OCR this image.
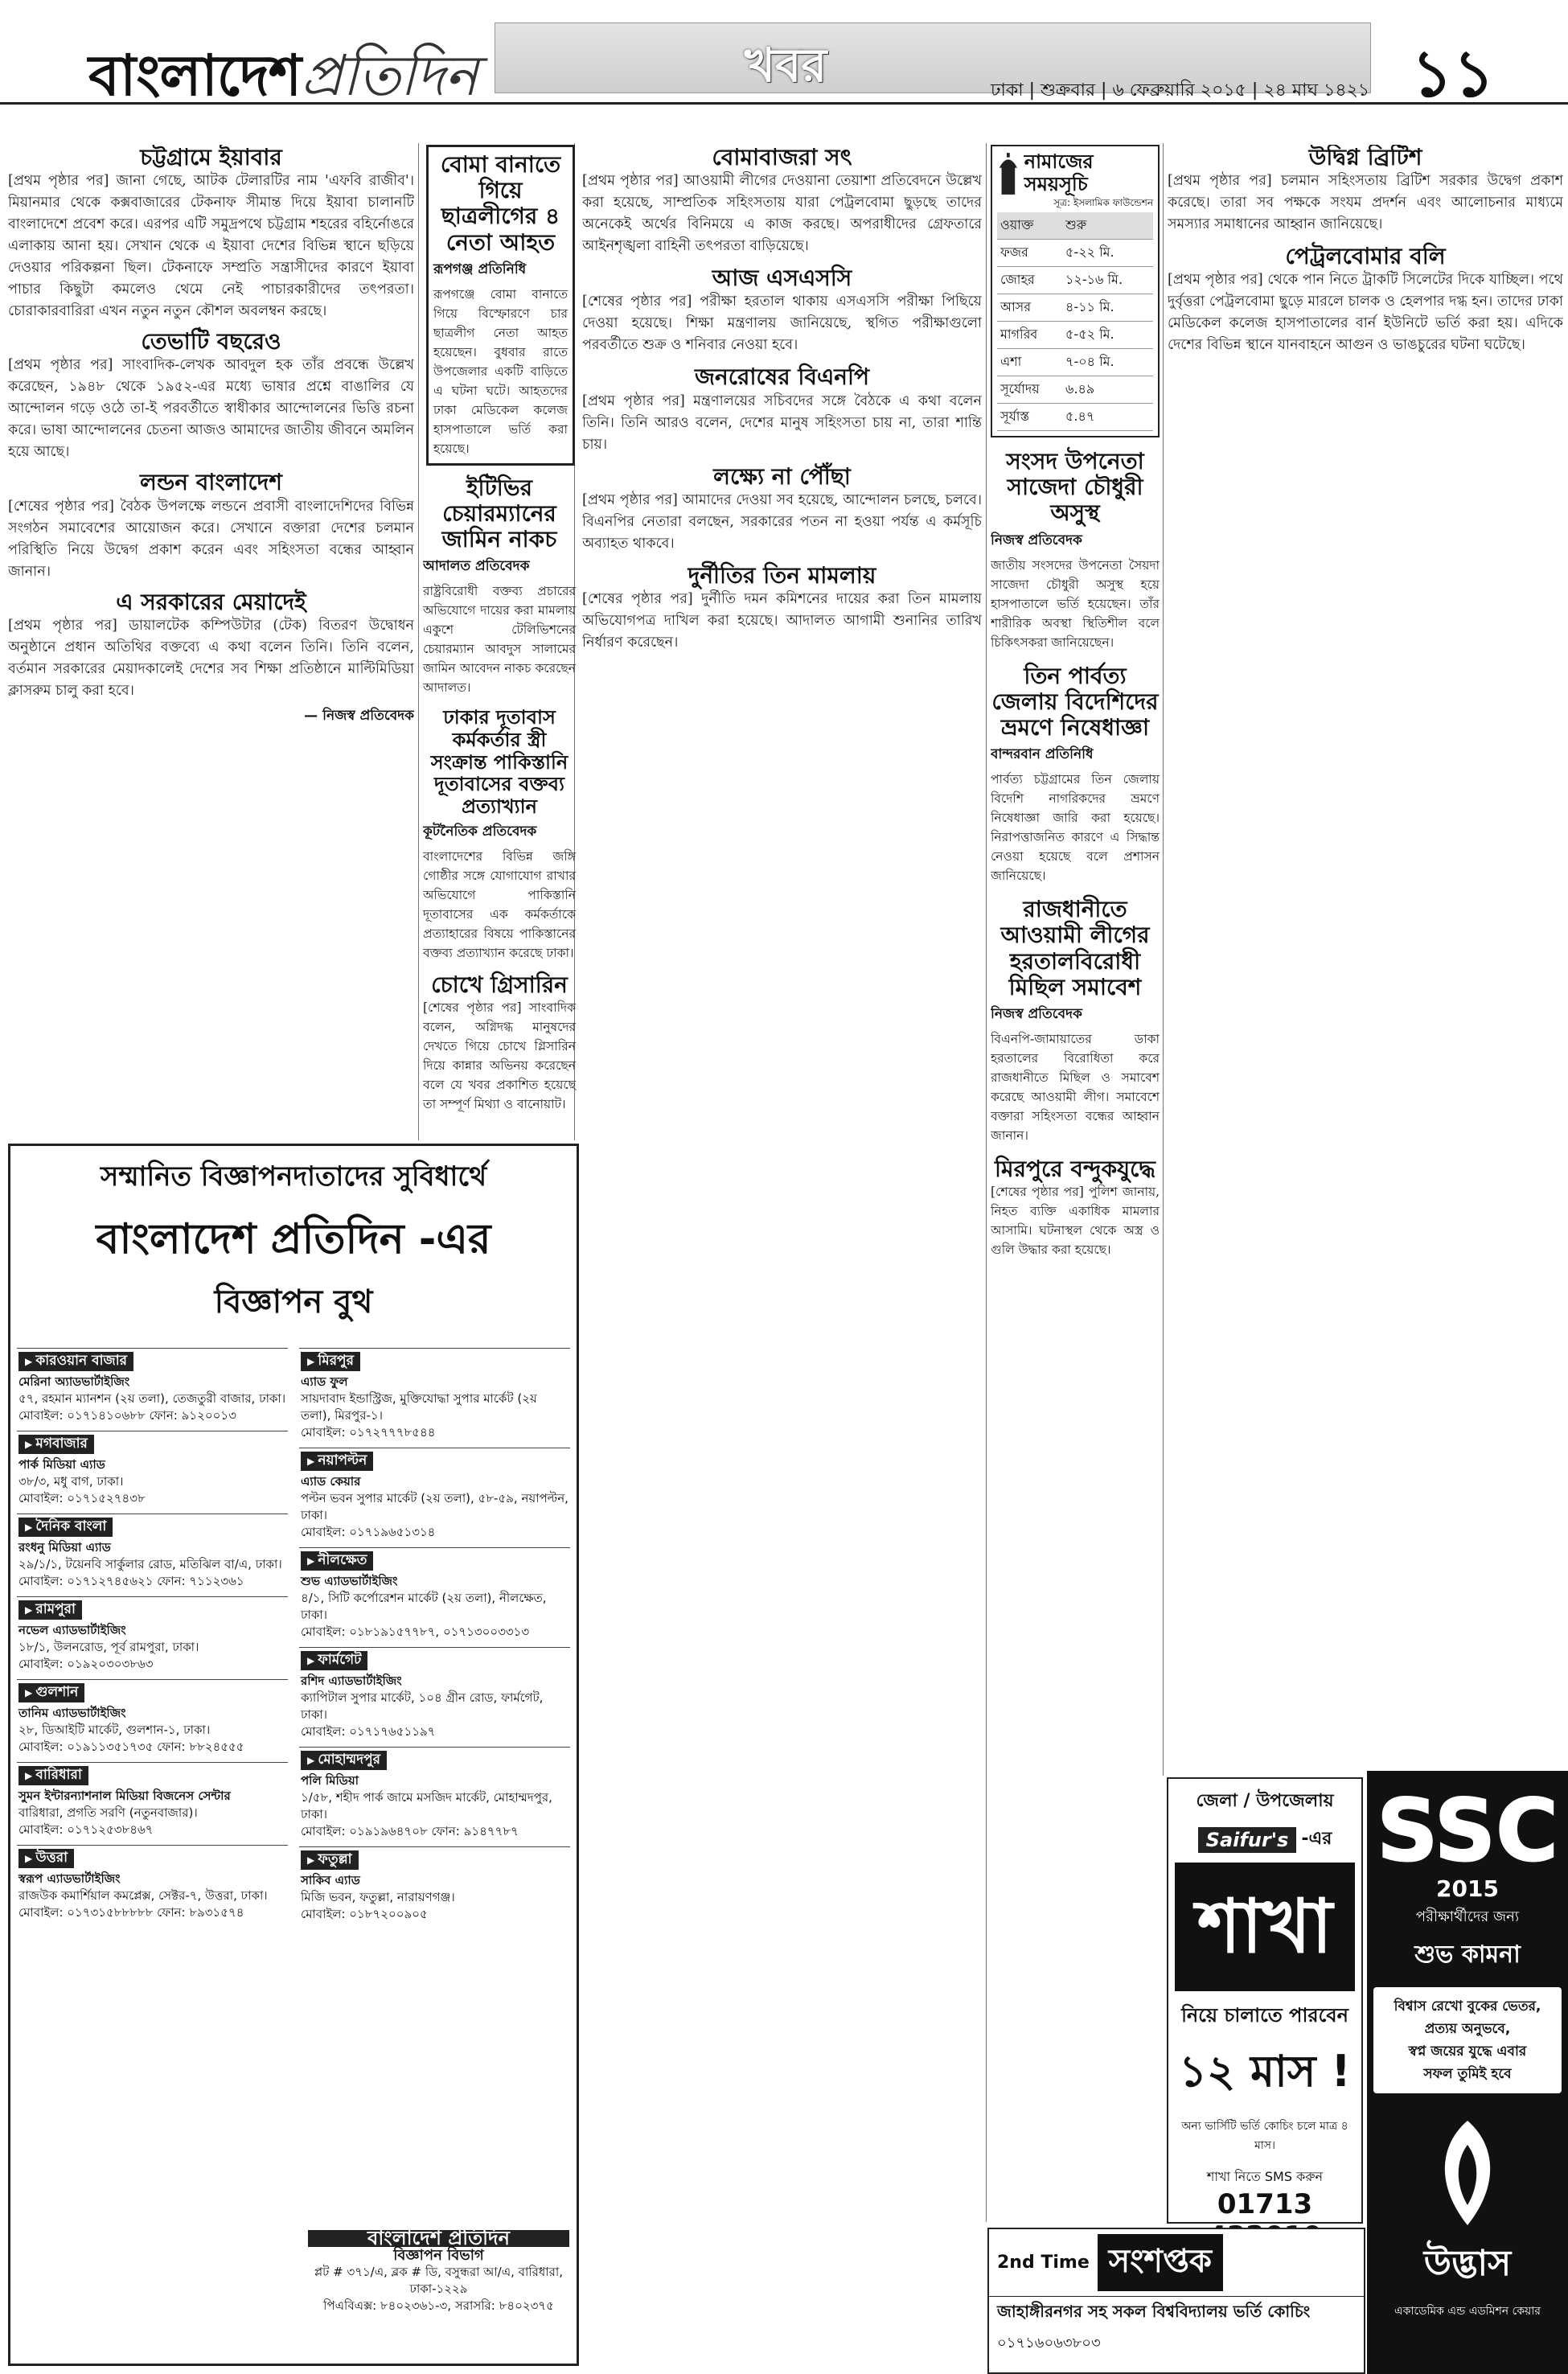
বাংলাদেশপ্রতিদিন	খবর	ঢাকা | শুক্রবার | ৬ ফেব্রুয়ারি ২০১৫ | ২৪ মাঘ ১৪২১ ১১
চট্টগ্রামে ইয়াবার
[প্রথম পৃষ্ঠার পর] জানা গেছে, আটক টেলারটির নাম 'এফবি রাজীব'। মিয়ানমার থেকে কক্সবাজারের টেকনাফ সীমান্ত দিয়ে ইয়াবা চালানটি বাংলাদেশে প্রবেশ করে। এরপর এটি সমুদ্রপথে চট্টগ্রাম শহরের বহির্নোঙরে এলাকায় আনা হয়। সেখান থেকে এ ইয়াবা দেশের বিভিন্ন স্থানে ছড়িয়ে দেওয়ার পরিকল্পনা ছিল। টেকনাফে সম্প্রতি সন্ত্রাসীদের কারণে ইয়াবা পাচার কিছুটা কমলেও থেমে নেই পাচারকারীদের তৎপরতা। চোরাকারবারিরা এখন নতুন নতুন কৌশল অবলম্বন করছে।
তেভাটি বছরেও
[প্রথম পৃষ্ঠার পর] সাংবাদিক-লেখক আবদুল হক তাঁর প্রবন্ধে উল্লেখ করেছেন, ১৯৪৮ থেকে ১৯৫২-এর মধ্যে ভাষার প্রশ্নে বাঙালির যে আন্দোলন গড়ে ওঠে তা-ই পরবর্তীতে স্বাধীকার আন্দোলনের ভিত্তি রচনা করে। ভাষা আন্দোলনের চেতনা আজও আমাদের জাতীয় জীবনে অমলিন হয়ে আছে।
লন্ডন বাংলাদেশ
[শেষের পৃষ্ঠার পর] বৈঠক উপলক্ষে লন্ডনে প্রবাসী বাংলাদেশিদের বিভিন্ন সংগঠন সমাবেশের আয়োজন করে। সেখানে বক্তারা দেশের চলমান পরিস্থিতি নিয়ে উদ্বেগ প্রকাশ করেন এবং সহিংসতা বন্ধের আহ্বান জানান।
এ সরকারের মেয়াদেই
[প্রথম পৃষ্ঠার পর] ডায়ালটেক কম্পিউটার (টেক) বিতরণ উদ্বোধন অনুষ্ঠানে প্রধান অতিথির বক্তব্যে এ কথা বলেন তিনি। তিনি বলেন, বর্তমান সরকারের মেয়াদকালেই দেশের সব শিক্ষা প্রতিষ্ঠানে মাল্টিমিডিয়া ক্লাসরুম চালু করা হবে।
— নিজস্ব প্রতিবেদক
বোমা বানাতে গিয়ে ছাত্রলীগের ৪ নেতা আহত
রূপগঞ্জ প্রতিনিধি
রূপগঞ্জে বোমা বানাতে গিয়ে বিস্ফোরণে চার ছাত্রলীগ নেতা আহত হয়েছেন। বুধবার রাতে উপজেলার একটি বাড়িতে এ ঘটনা ঘটে। আহতদের ঢাকা মেডিকেল কলেজ হাসপাতালে ভর্তি করা হয়েছে।
ইটিভির চেয়ারম্যানের জামিন নাকচ
আদালত প্রতিবেদক
রাষ্ট্রবিরোধী বক্তব্য প্রচারের অভিযোগে দায়ের করা মামলায় একুশে টেলিভিশনের চেয়ারম্যান আবদুস সালামের জামিন আবেদন নাকচ করেছেন আদালত।
ঢাকার দূতাবাস কর্মকর্তার স্ত্রী সংক্রান্ত পাকিস্তানি দূতাবাসের বক্তব্য প্রত্যাখ্যান
কূটনৈতিক প্রতিবেদক
বাংলাদেশের বিভিন্ন জঙ্গি গোষ্ঠীর সঙ্গে যোগাযোগ রাখার অভিযোগে পাকিস্তানি দূতাবাসের এক কর্মকর্তাকে প্রত্যাহারের বিষয়ে পাকিস্তানের বক্তব্য প্রত্যাখ্যান করেছে ঢাকা।
চোখে গ্রিসারিন
[শেষের পৃষ্ঠার পর] সাংবাদিক বলেন, অগ্নিদগ্ধ মানুষদের দেখতে গিয়ে চোখে গ্লিসারিন দিয়ে কান্নার অভিনয় করেছেন বলে যে খবর প্রকাশিত হয়েছে তা সম্পূর্ণ মিথ্যা ও বানোয়াট।
সম্মানিত বিজ্ঞাপনদাতাদের সুবিধার্থে
বাংলাদেশ প্রতিদিন -এর
বিজ্ঞাপন বুথ
▶ কারওয়ান বাজার
মেরিনা অ্যাডভার্টাইজিং
৫৭, রহমান ম্যানশন (২য় তলা), তেজতুরী বাজার, ঢাকা।
মোবাইল: ০১৭১৪১০৬৮৮ ফোন: ৯১২০০১৩
▶ মগবাজার
পার্ক মিডিয়া এ্যাড
৩৮/৩, মধু বাগ, ঢাকা।
মোবাইল: ০১৭১৫২৭৪৩৮
▶ দৈনিক বাংলা
রংধনু মিডিয়া এ্যাড
২৯/১/১, টয়েনবি সার্কুলার রোড, মতিঝিল বা/এ, ঢাকা।
মোবাইল: ০১৭১২৭৪৫৬২১ ফোন: ৭১১২৩৬১
▶ রামপুরা
নভেল এ্যাডভার্টাইজিং
১৮/১, উলনরোড, পূর্ব রামপুরা, ঢাকা।
মোবাইল: ০১৯২০৩০৩৮৬৩
▶ গুলশান
তানিম এ্যাডভার্টাইজিং
২৮, ডিআইটি মার্কেট, গুলশান-১, ঢাকা।
মোবাইল: ০১৯১১৩৫১৭৩৫ ফোন: ৮৮২৪৫৫৫
▶ বারিধারা
সুমন ইন্টারন্যাশনাল মিডিয়া বিজনেস সেন্টার
বারিধারা, প্রগতি সরণি (নতুনবাজার)।
মোবাইল: ০১৭১২৫৩৮৪৬৭
▶ উত্তরা
স্বরূপ এ্যাডভার্টাইজিং
রাজউক কমার্শিয়াল কমপ্লেক্স, সেক্টর-৭, উত্তরা, ঢাকা।
মোবাইল: ০১৭৩১৫৮৮৮৮৮ ফোন: ৮৯৩১৫৭৪
▶ মিরপুর
এ্যাড ফুল
সায়দাবাদ ইন্ডাস্ট্রিজ, মুক্তিযোদ্ধা সুপার মার্কেট (২য় তলা), মিরপুর-১।
মোবাইল: ০১৭২৭৭৭৮৫৪৪
▶ নয়াপল্টন
এ্যাড কেয়ার
পল্টন ভবন সুপার মার্কেট (২য় তলা), ৫৮-৫৯, নয়াপল্টন, ঢাকা।
মোবাইল: ০১৭১৯৬৫১৩১৪
▶ নীলক্ষেত
শুভ এ্যাডভার্টাইজিং
৪/১, সিটি কর্পোরেশন মার্কেট (২য় তলা), নীলক্ষেত, ঢাকা।
মোবাইল: ০১৮১৯১৫৭৭৮৭, ০১৭১৩০০৩৩১৩
▶ ফার্মগেট
রশিদ এ্যাডভার্টাইজিং
ক্যাপিটাল সুপার মার্কেট, ১০৪ গ্রীন রোড, ফার্মগেট, ঢাকা।
মোবাইল: ০১৭১৭৬৫১১৯৭
▶ মোহাম্মদপুর
পলি মিডিয়া
১/৫৮, শহীদ পার্ক জামে মসজিদ মার্কেট, মোহাম্মদপুর, ঢাকা।
মোবাইল: ০১৯১৯৬৪৭০৮ ফোন: ৯১৪৭৭৮৭
▶ ফতুল্লা
সাকিব এ্যাড
মিজি ভবন, ফতুল্লা, নারায়ণগঞ্জ।
মোবাইল: ০১৮৭২০০৯০৫
বাংলাদেশ প্রতিদিন
বিজ্ঞাপন বিভাগ
প্লট # ৩৭১/এ, ব্লক # ডি, বসুন্ধরা আ/এ, বারিধারা, ঢাকা-১২২৯
পিএবিএক্স: ৮৪০২৩৬১-৩, সরাসরি: ৮৪০২৩৭৫
বোমাবাজরা সৎ
[প্রথম পৃষ্ঠার পর] আওয়ামী লীগের দেওয়ানা তেয়াশা প্রতিবেদনে উল্লেখ করা হয়েছে, সাম্প্রতিক সহিংসতায় যারা পেট্রলবোমা ছুড়ছে তাদের অনেকেই অর্থের বিনিময়ে এ কাজ করছে। অপরাধীদের গ্রেফতারে আইনশৃঙ্খলা বাহিনী তৎপরতা বাড়িয়েছে।
আজ এসএসসি
[শেষের পৃষ্ঠার পর] পরীক্ষা হরতাল থাকায় এসএসসি পরীক্ষা পিছিয়ে দেওয়া হয়েছে। শিক্ষা মন্ত্রণালয় জানিয়েছে, স্থগিত পরীক্ষাগুলো পরবর্তীতে শুক্র ও শনিবার নেওয়া হবে।
জনরোষের বিএনপি
[প্রথম পৃষ্ঠার পর] মন্ত্রণালয়ের সচিবদের সঙ্গে বৈঠকে এ কথা বলেন তিনি। তিনি আরও বলেন, দেশের মানুষ সহিংসতা চায় না, তারা শান্তি চায়।
লক্ষ্যে না পৌঁছা
[প্রথম পৃষ্ঠার পর] আমাদের দেওয়া সব হয়েছে, আন্দোলন চলছে, চলবে। বিএনপির নেতারা বলছেন, সরকারের পতন না হওয়া পর্যন্ত এ কর্মসূচি অব্যাহত থাকবে।
দুর্নীতির তিন মামলায়
[শেষের পৃষ্ঠার পর] দুর্নীতি দমন কমিশনের দায়ের করা তিন মামলায় অভিযোগপত্র দাখিল করা হয়েছে। আদালত আগামী শুনানির তারিখ নির্ধারণ করেছেন।
নামাজের সময়সূচি
সূত্র: ইসলামিক ফাউন্ডেশন
ওয়াক্ত	শুরু
ফজর	৫-২২ মি.
জোহর	১২-১৬ মি.
আসর	৪-১১ মি.
মাগরিব	৫-৫২ মি.
এশা	৭-০৪ মি.
সূর্যোদয়	৬.৪৯
সূর্যাস্ত	৫.৪৭
সংসদ উপনেতা সাজেদা চৌধুরী অসুস্থ
নিজস্ব প্রতিবেদক
জাতীয় সংসদের উপনেতা সৈয়দা সাজেদা চৌধুরী অসুস্থ হয়ে হাসপাতালে ভর্তি হয়েছেন। তাঁর শারীরিক অবস্থা স্থিতিশীল বলে চিকিৎসকরা জানিয়েছেন।
তিন পার্বত্য জেলায় বিদেশিদের ভ্রমণে নিষেধাজ্ঞা
বান্দরবান প্রতিনিধি
পার্বত্য চট্টগ্রামের তিন জেলায় বিদেশি নাগরিকদের ভ্রমণে নিষেধাজ্ঞা জারি করা হয়েছে। নিরাপত্তাজনিত কারণে এ সিদ্ধান্ত নেওয়া হয়েছে বলে প্রশাসন জানিয়েছে।
রাজধানীতে আওয়ামী লীগের হরতালবিরোধী মিছিল সমাবেশ
নিজস্ব প্রতিবেদক
বিএনপি-জামায়াতের ডাকা হরতালের বিরোধিতা করে রাজধানীতে মিছিল ও সমাবেশ করেছে আওয়ামী লীগ। সমাবেশে বক্তারা সহিংসতা বন্ধের আহ্বান জানান।
মিরপুরে বন্দুকযুদ্ধে
[শেষের পৃষ্ঠার পর] পুলিশ জানায়, নিহত ব্যক্তি একাধিক মামলার আসামি। ঘটনাস্থল থেকে অস্ত্র ও গুলি উদ্ধার করা হয়েছে।
উদ্বিগ্ন ব্রিটিশ
[প্রথম পৃষ্ঠার পর] চলমান সহিংসতায় ব্রিটিশ সরকার উদ্বেগ প্রকাশ করেছে। তারা সব পক্ষকে সংযম প্রদর্শন এবং আলোচনার মাধ্যমে সমস্যার সমাধানের আহ্বান জানিয়েছে।
পেট্রলবোমার বলি
[প্রথম পৃষ্ঠার পর] থেকে পান নিতে ট্রাকটি সিলেটের দিকে যাচ্ছিল। পথে দুর্বৃত্তরা পেট্রলবোমা ছুড়ে মারলে চালক ও হেলপার দগ্ধ হন। তাদের ঢাকা মেডিকেল কলেজ হাসপাতালের বার্ন ইউনিটে ভর্তি করা হয়। এদিকে দেশের বিভিন্ন স্থানে যানবাহনে আগুন ও ভাঙচুরের ঘটনা ঘটেছে।
জেলা / উপজেলায়
Saifur's -এর
শাখা
নিয়ে চালাতে পারবেন
১২ মাস !
অন্য ভার্সিটি ভর্তি কোচিং চলে মাত্র ৪ মাস।
শাখা নিতে SMS করুন
01713
SSC
2015
পরীক্ষার্থীদের জন্য
শুভ কামনা
বিশ্বাস রেখো বুকের ভেতর,
প্রত্যয় অনুভবে,
স্বপ্ন জয়ের যুদ্ধে এবার
সফল তুমিই হবে
উদ্ভাস
একাডেমিক এন্ড এডমিশন কেয়ার
2nd Time সংশপ্তক
জাহাঙ্গীরনগর সহ সকল বিশ্ববিদ্যালয় ভর্তি কোচিং
০১৭১৬০৬৩৮০৩
